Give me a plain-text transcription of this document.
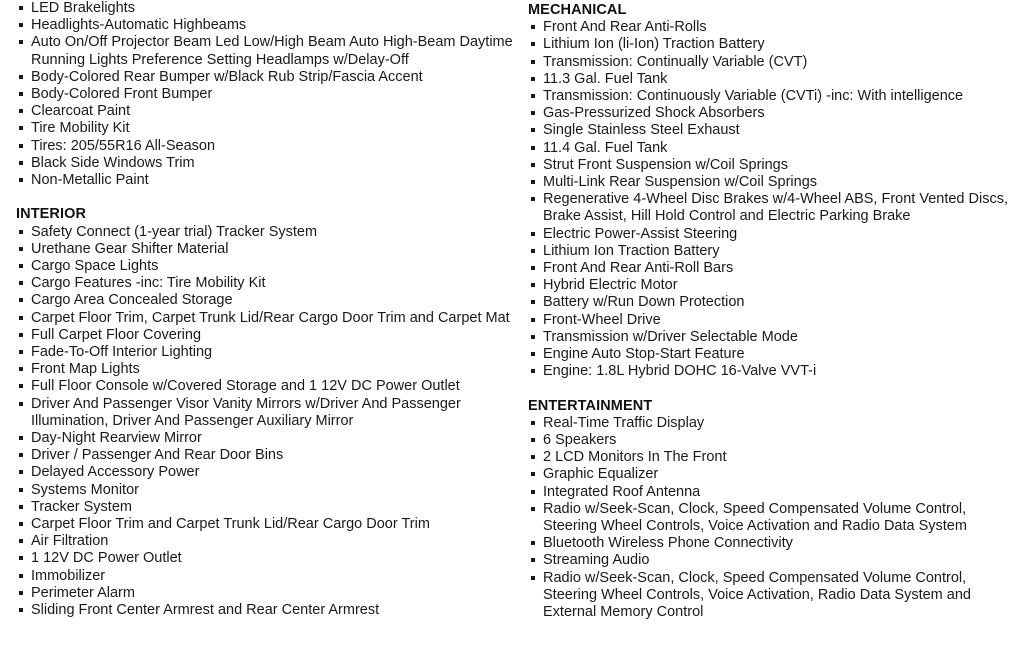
LED Brakelights
Headlights-Automatic Highbeams
Auto On/Off Projector Beam Led Low/High Beam Auto High-Beam Daytime Running Lights Preference Setting Headlamps w/Delay-Off
Body-Colored Rear Bumper w/Black Rub Strip/Fascia Accent
Body-Colored Front Bumper
Clearcoat Paint
Tire Mobility Kit
Tires: 205/55R16 All-Season
Black Side Windows Trim
Non-Metallic Paint
INTERIOR
Safety Connect (1-year trial) Tracker System
Urethane Gear Shifter Material
Cargo Space Lights
Cargo Features -inc: Tire Mobility Kit
Cargo Area Concealed Storage
Carpet Floor Trim, Carpet Trunk Lid/Rear Cargo Door Trim and Carpet Mat
Full Carpet Floor Covering
Fade-To-Off Interior Lighting
Front Map Lights
Full Floor Console w/Covered Storage and 1 12V DC Power Outlet
Driver And Passenger Visor Vanity Mirrors w/Driver And Passenger Illumination, Driver And Passenger Auxiliary Mirror
Day-Night Rearview Mirror
Driver / Passenger And Rear Door Bins
Delayed Accessory Power
Systems Monitor
Tracker System
Carpet Floor Trim and Carpet Trunk Lid/Rear Cargo Door Trim
Air Filtration
1 12V DC Power Outlet
Immobilizer
Perimeter Alarm
Sliding Front Center Armrest and Rear Center Armrest
MECHANICAL
Front And Rear Anti-Rolls
Lithium Ion (li-Ion) Traction Battery
Transmission: Continually Variable (CVT)
11.3 Gal. Fuel Tank
Transmission: Continuously Variable (CVTi) -inc: With intelligence
Gas-Pressurized Shock Absorbers
Single Stainless Steel Exhaust
11.4 Gal. Fuel Tank
Strut Front Suspension w/Coil Springs
Multi-Link Rear Suspension w/Coil Springs
Regenerative 4-Wheel Disc Brakes w/4-Wheel ABS, Front Vented Discs, Brake Assist, Hill Hold Control and Electric Parking Brake
Electric Power-Assist Steering
Lithium Ion Traction Battery
Front And Rear Anti-Roll Bars
Hybrid Electric Motor
Battery w/Run Down Protection
Front-Wheel Drive
Transmission w/Driver Selectable Mode
Engine Auto Stop-Start Feature
Engine: 1.8L Hybrid DOHC 16-Valve VVT-i
ENTERTAINMENT
Real-Time Traffic Display
6 Speakers
2 LCD Monitors In The Front
Graphic Equalizer
Integrated Roof Antenna
Radio w/Seek-Scan, Clock, Speed Compensated Volume Control, Steering Wheel Controls, Voice Activation and Radio Data System
Bluetooth Wireless Phone Connectivity
Streaming Audio
Radio w/Seek-Scan, Clock, Speed Compensated Volume Control, Steering Wheel Controls, Voice Activation, Radio Data System and External Memory Control
